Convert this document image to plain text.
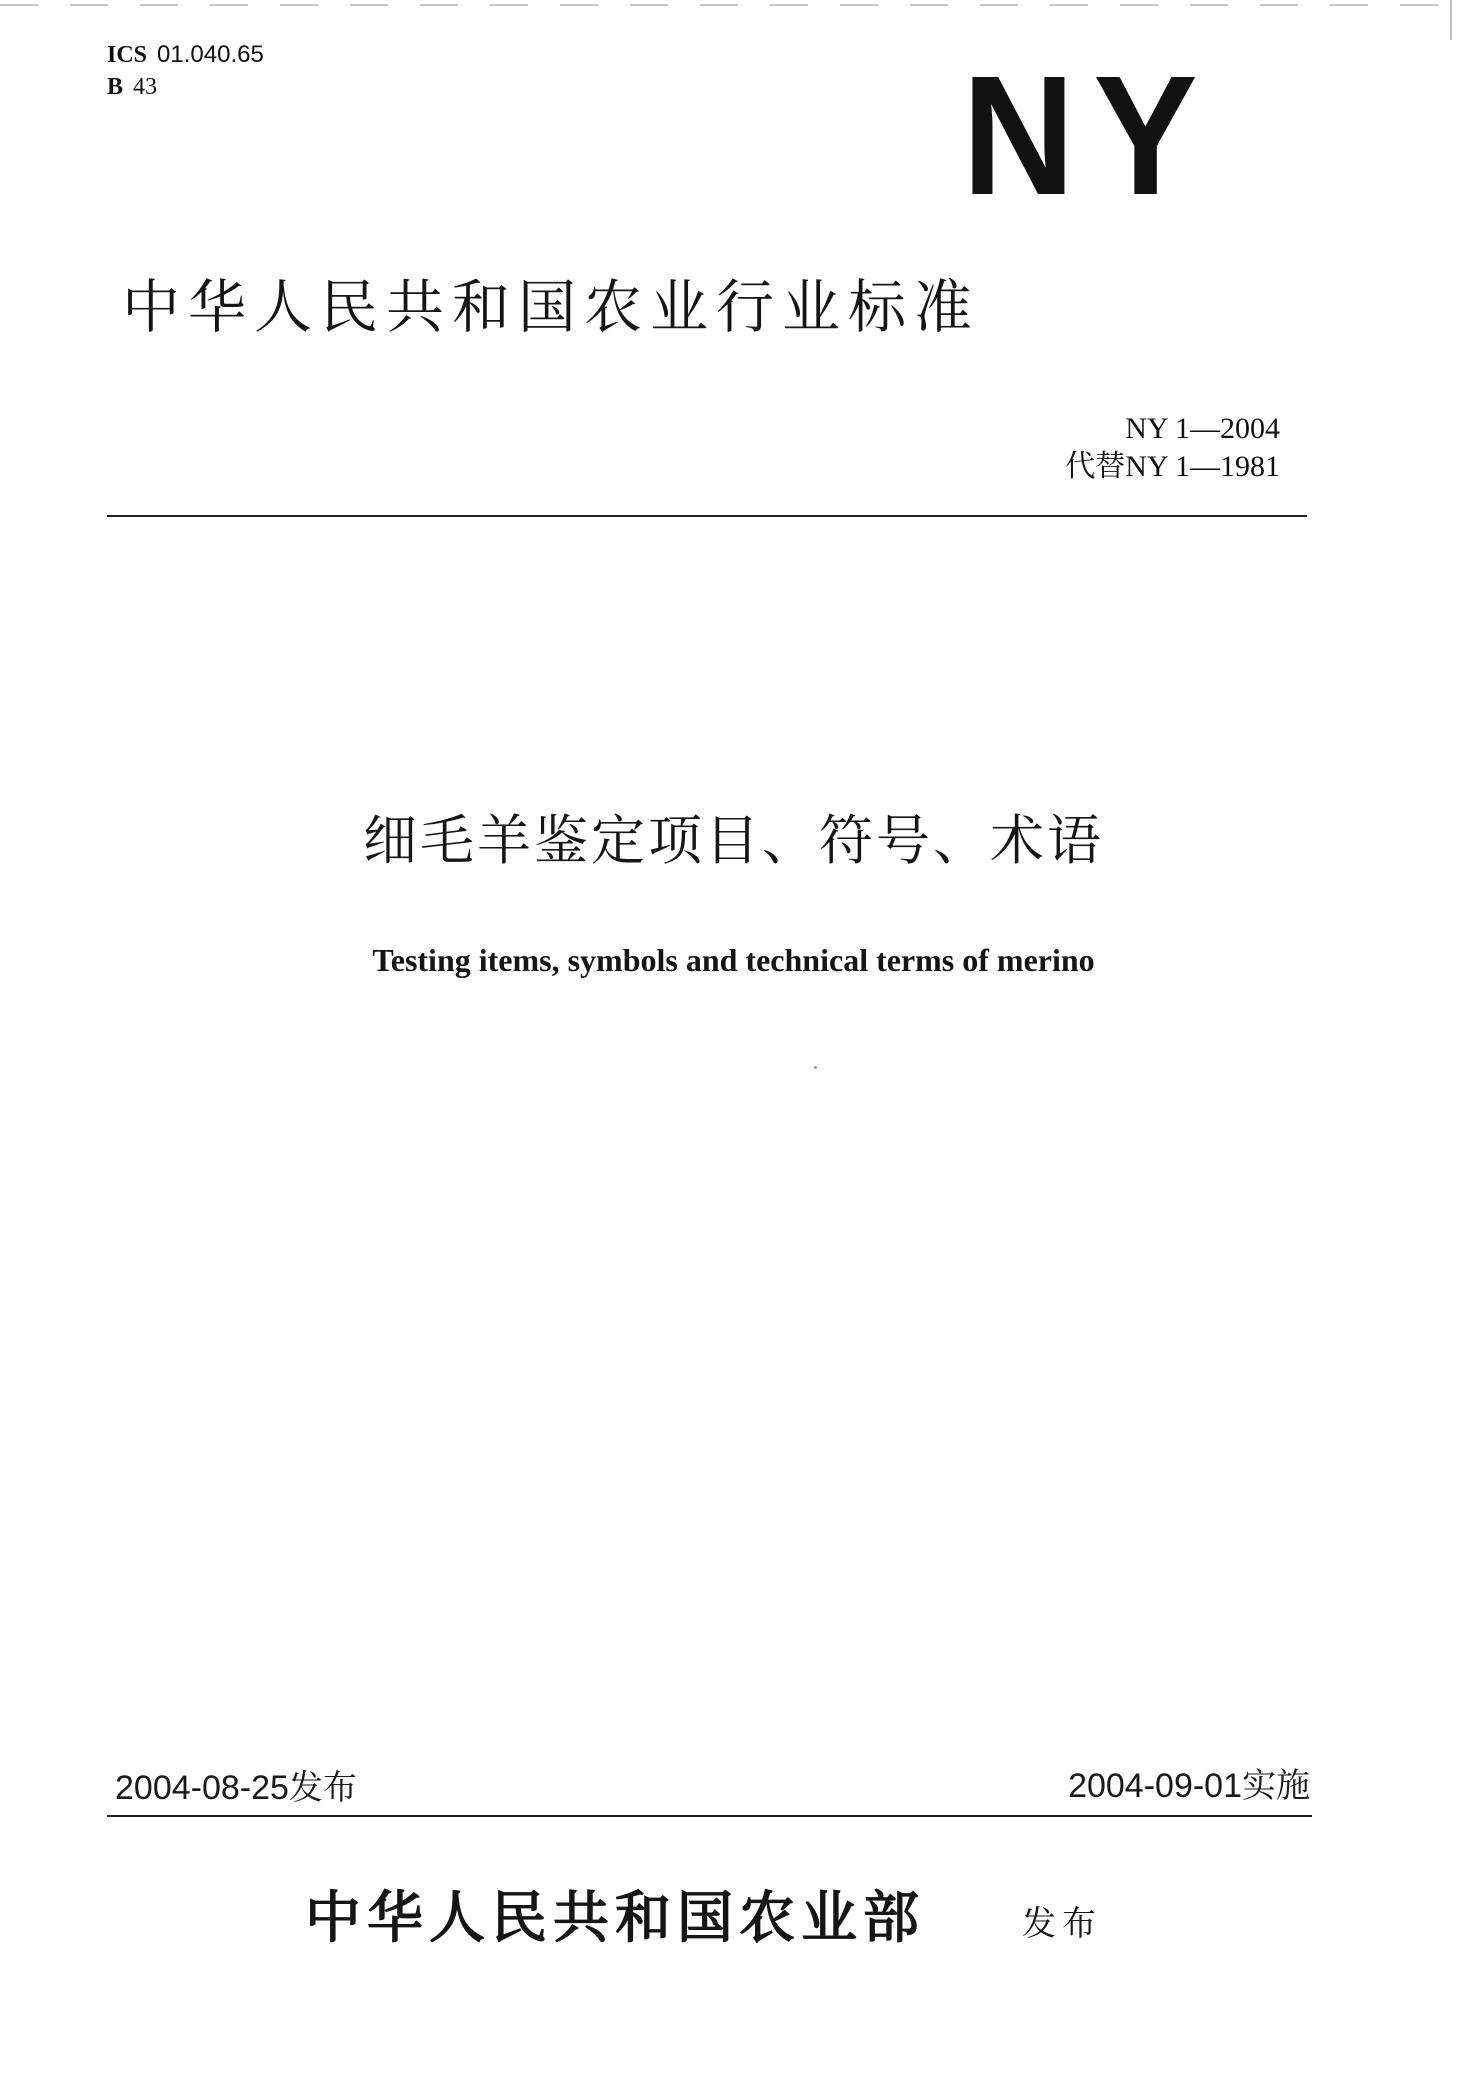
ICS 01.040.65
B 43	NY
中华人民共和国农业行业标准
NY 1—2004
代替NY 1—1981
细毛羊鉴定项目、符号、术语
Testing items, symbols and technical terms of merino
2004-08-25发布	2004-09-01实施
中华人民共和国农业部	发布
